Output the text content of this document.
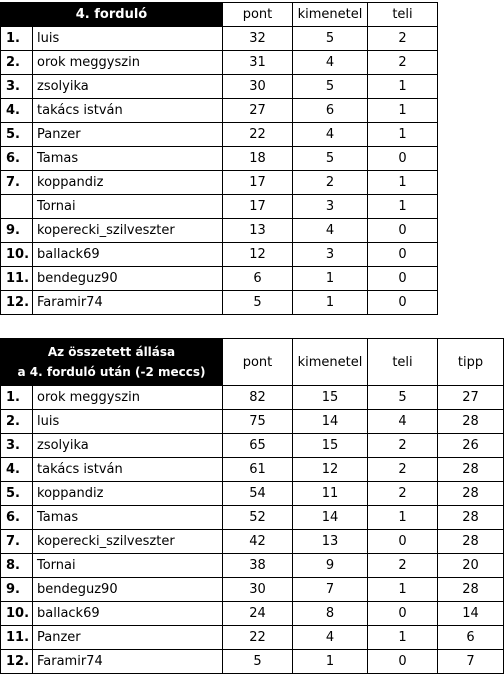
4. forduló		pont	kimenetel	teli
1.	luis	32	5	2
2.	orok meggyszin	31	4	2
3.	zsolyika	30	5	1
4.	takács istván	27	6	1
5.	Panzer	22	4	1
6.	Tamas	18	5	0
7.	koppandiz	17	2	1
	Tornai	17	3	1
9.	koperecki_szilveszter	13	4	0
10.	ballack69	12	3	0
11.	bendeguz90	6	1	0
12.	Faramir74	5	1	0
Az összetett állása
a 4. forduló után (-2 meccs)		pont	kimenetel	teli	tipp
1.	orok meggyszin	82	15	5	27
2.	luis	75	14	4	28
3.	zsolyika	65	15	2	26
4.	takács istván	61	12	2	28
5.	koppandiz	54	11	2	28
6.	Tamas	52	14	1	28
7.	koperecki_szilveszter	42	13	0	28
8.	Tornai	38	9	2	20
9.	bendeguz90	30	7	1	28
10.	ballack69	24	8	0	14
11.	Panzer	22	4	1	6
12.	Faramir74	5	1	0	7
